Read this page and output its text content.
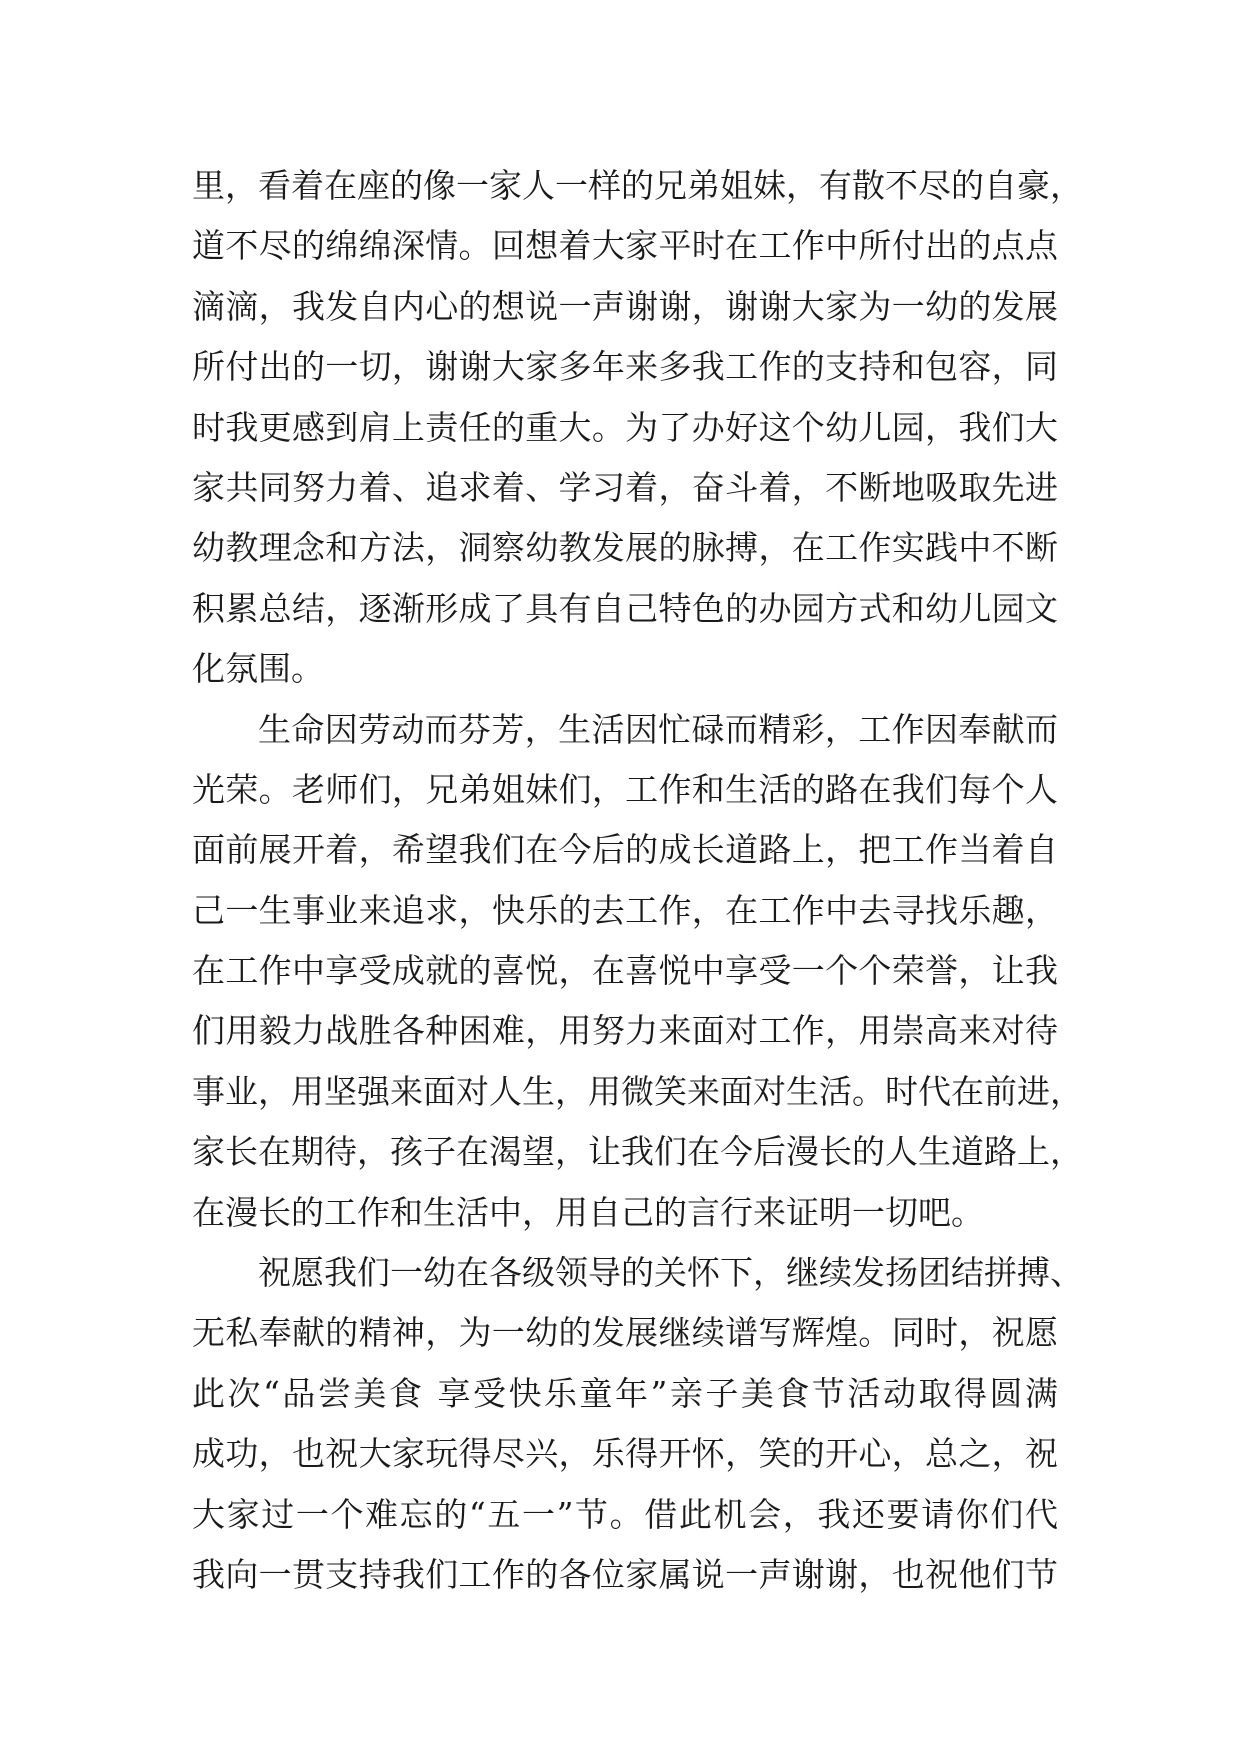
里，看着在座的像一家人一样的兄弟姐妹，有散不尽的自豪，
道不尽的绵绵深情。回想着大家平时在工作中所付出的点点
滴滴，我发自内心的想说一声谢谢，谢谢大家为一幼的发展
所付出的一切，谢谢大家多年来多我工作的支持和包容，同
时我更感到肩上责任的重大。为了办好这个幼儿园，我们大
家共同努力着、追求着、学习着，奋斗着，不断地吸取先进
幼教理念和方法，洞察幼教发展的脉搏，在工作实践中不断
积累总结，逐渐形成了具有自己特色的办园方式和幼儿园文
化氛围。
生命因劳动而芬芳，生活因忙碌而精彩，工作因奉献而
光荣。老师们，兄弟姐妹们，工作和生活的路在我们每个人
面前展开着，希望我们在今后的成长道路上，把工作当着自
己一生事业来追求，快乐的去工作，在工作中去寻找乐趣，
在工作中享受成就的喜悦，在喜悦中享受一个个荣誉，让我
们用毅力战胜各种困难，用努力来面对工作，用崇高来对待
事业，用坚强来面对人生，用微笑来面对生活。时代在前进，
家长在期待，孩子在渴望，让我们在今后漫长的人生道路上，
在漫长的工作和生活中，用自己的言行来证明一切吧。
祝愿我们一幼在各级领导的关怀下，继续发扬团结拼搏、
无私奉献的精神，为一幼的发展继续谱写辉煌。同时，祝愿
此次“品尝美食 享受快乐童年”亲子美食节活动取得圆满
成功，也祝大家玩得尽兴，乐得开怀，笑的开心，总之，祝
大家过一个难忘的“五一”节。借此机会，我还要请你们代
我向一贯支持我们工作的各位家属说一声谢谢，也祝他们节
